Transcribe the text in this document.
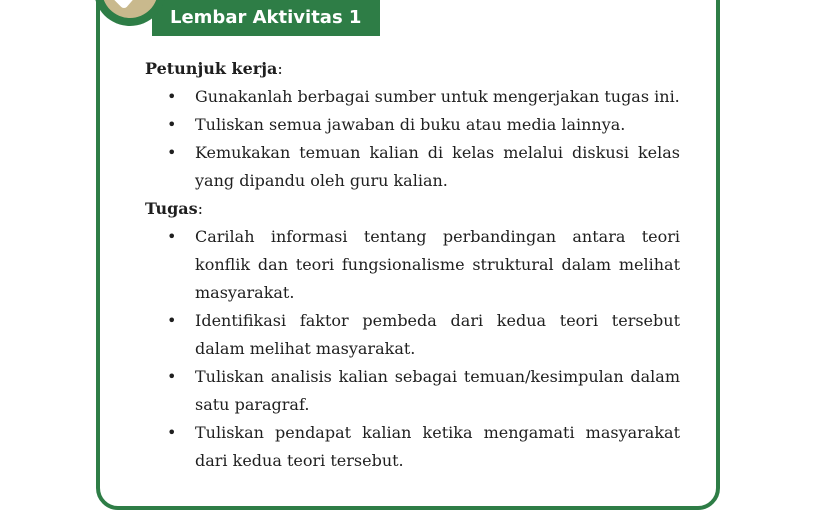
Lembar Aktivitas 1

Petunjuk kerja:

• Gunakanlah berbagai sumber untuk mengerjakan tugas ini.
• Tuliskan semua jawaban di buku atau media lainnya.
• Kemukakan temuan kalian di kelas melalui diskusi kelas yang dipandu oleh guru kalian.

Tugas:

• Carilah informasi tentang perbandingan antara teori konflik dan teori fungsionalisme struktural dalam melihat masyarakat.
• Identifikasi faktor pembeda dari kedua teori tersebut dalam melihat masyarakat.
• Tuliskan analisis kalian sebagai temuan/kesimpulan dalam satu paragraf.
• Tuliskan pendapat kalian ketika mengamati masyarakat dari kedua teori tersebut.
